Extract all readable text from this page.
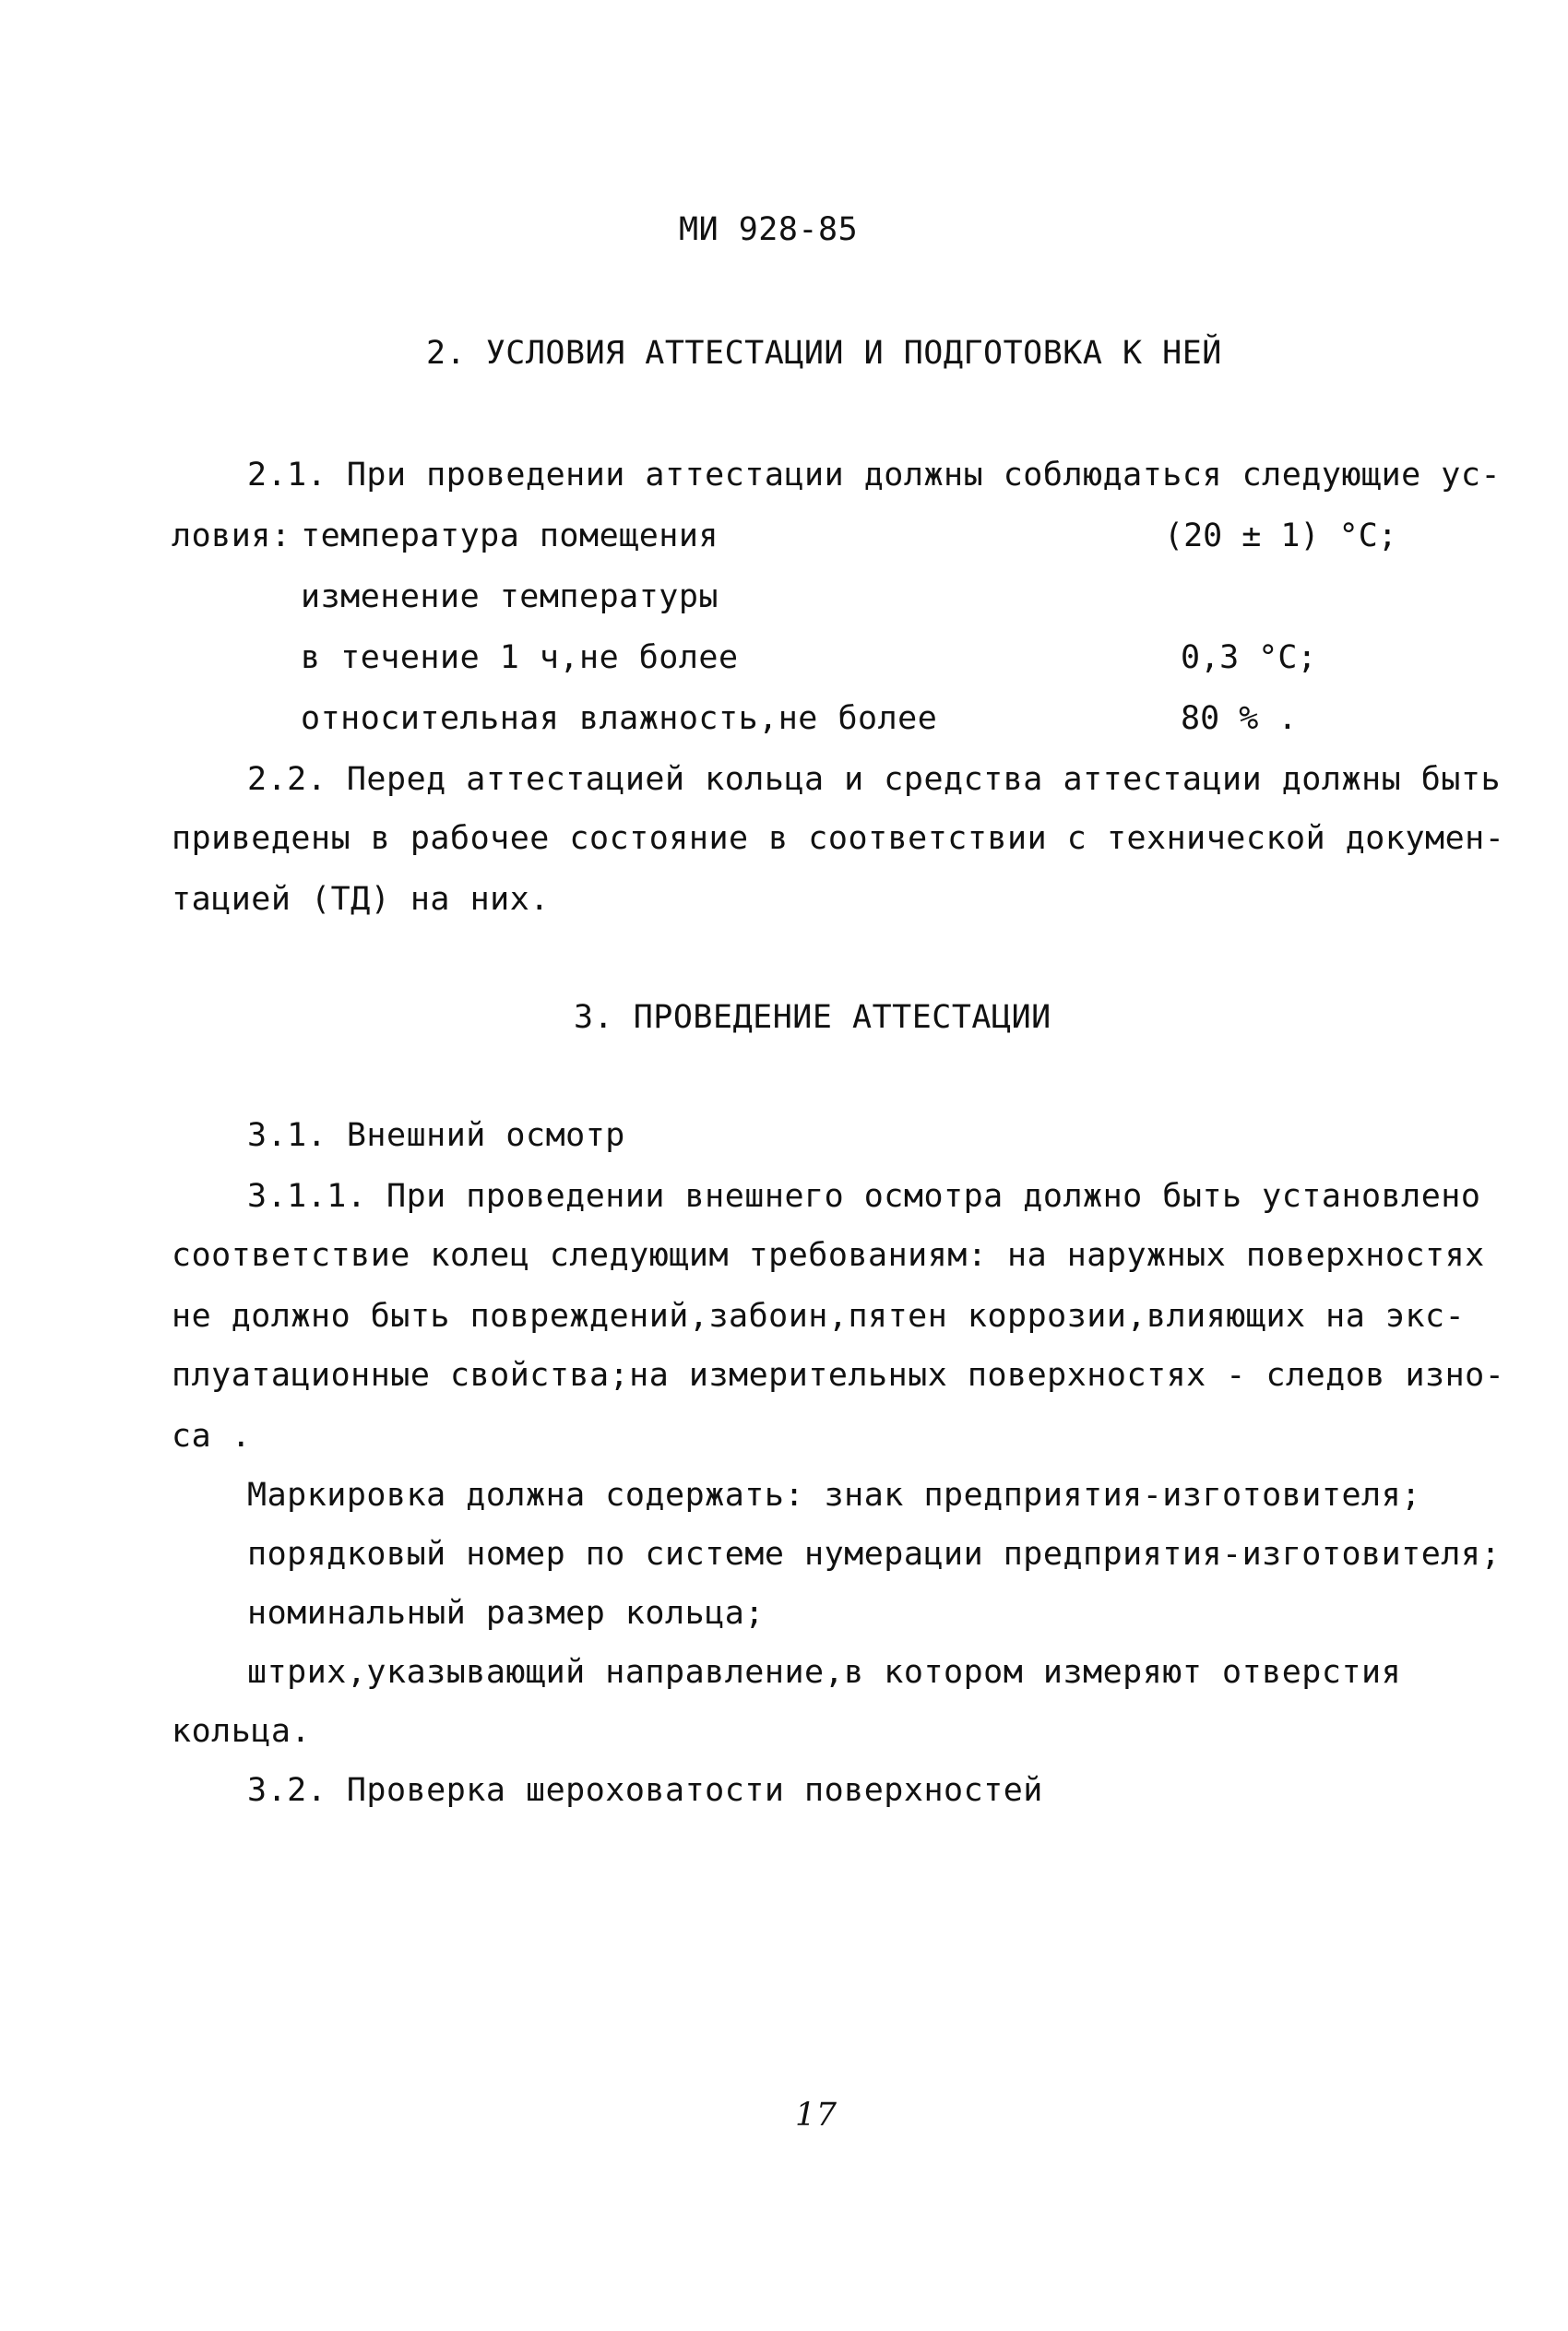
МИ 928-85
2. УСЛОВИЯ АТТЕСТАЦИИ И ПОДГОТОВКА К НЕЙ
2.1. При проведении аттестации должны соблюдаться следующие ус-
ловия: температура помещения	(20 ± 1) °С;
изменение температуры
в течение 1 ч,не более	0,3 °С;
относительная влажность,не более	80 % .
2.2. Перед аттестацией кольца и средства аттестации должны быть
приведены в рабочее состояние в соответствии с технической докумен-
тацией (ТД) на них.
3. ПРОВЕДЕНИЕ АТТЕСТАЦИИ
3.1. Внешний осмотр
3.1.1. При проведении внешнего осмотра должно быть установлено
соответствие колец следующим требованиям: на наружных поверхностях
не должно быть повреждений,забоин,пятен коррозии,влияющих на экс-
плуатационные свойства;на измерительных поверхностях - следов изно-
са .
Маркировка должна содержать: знак предприятия-изготовителя;
порядковый номер по системе нумерации предприятия-изготовителя;
номинальный размер кольца;
штрих,указывающий направление,в котором измеряют отверстия
кольца.
3.2. Проверка шероховатости поверхностей
17
